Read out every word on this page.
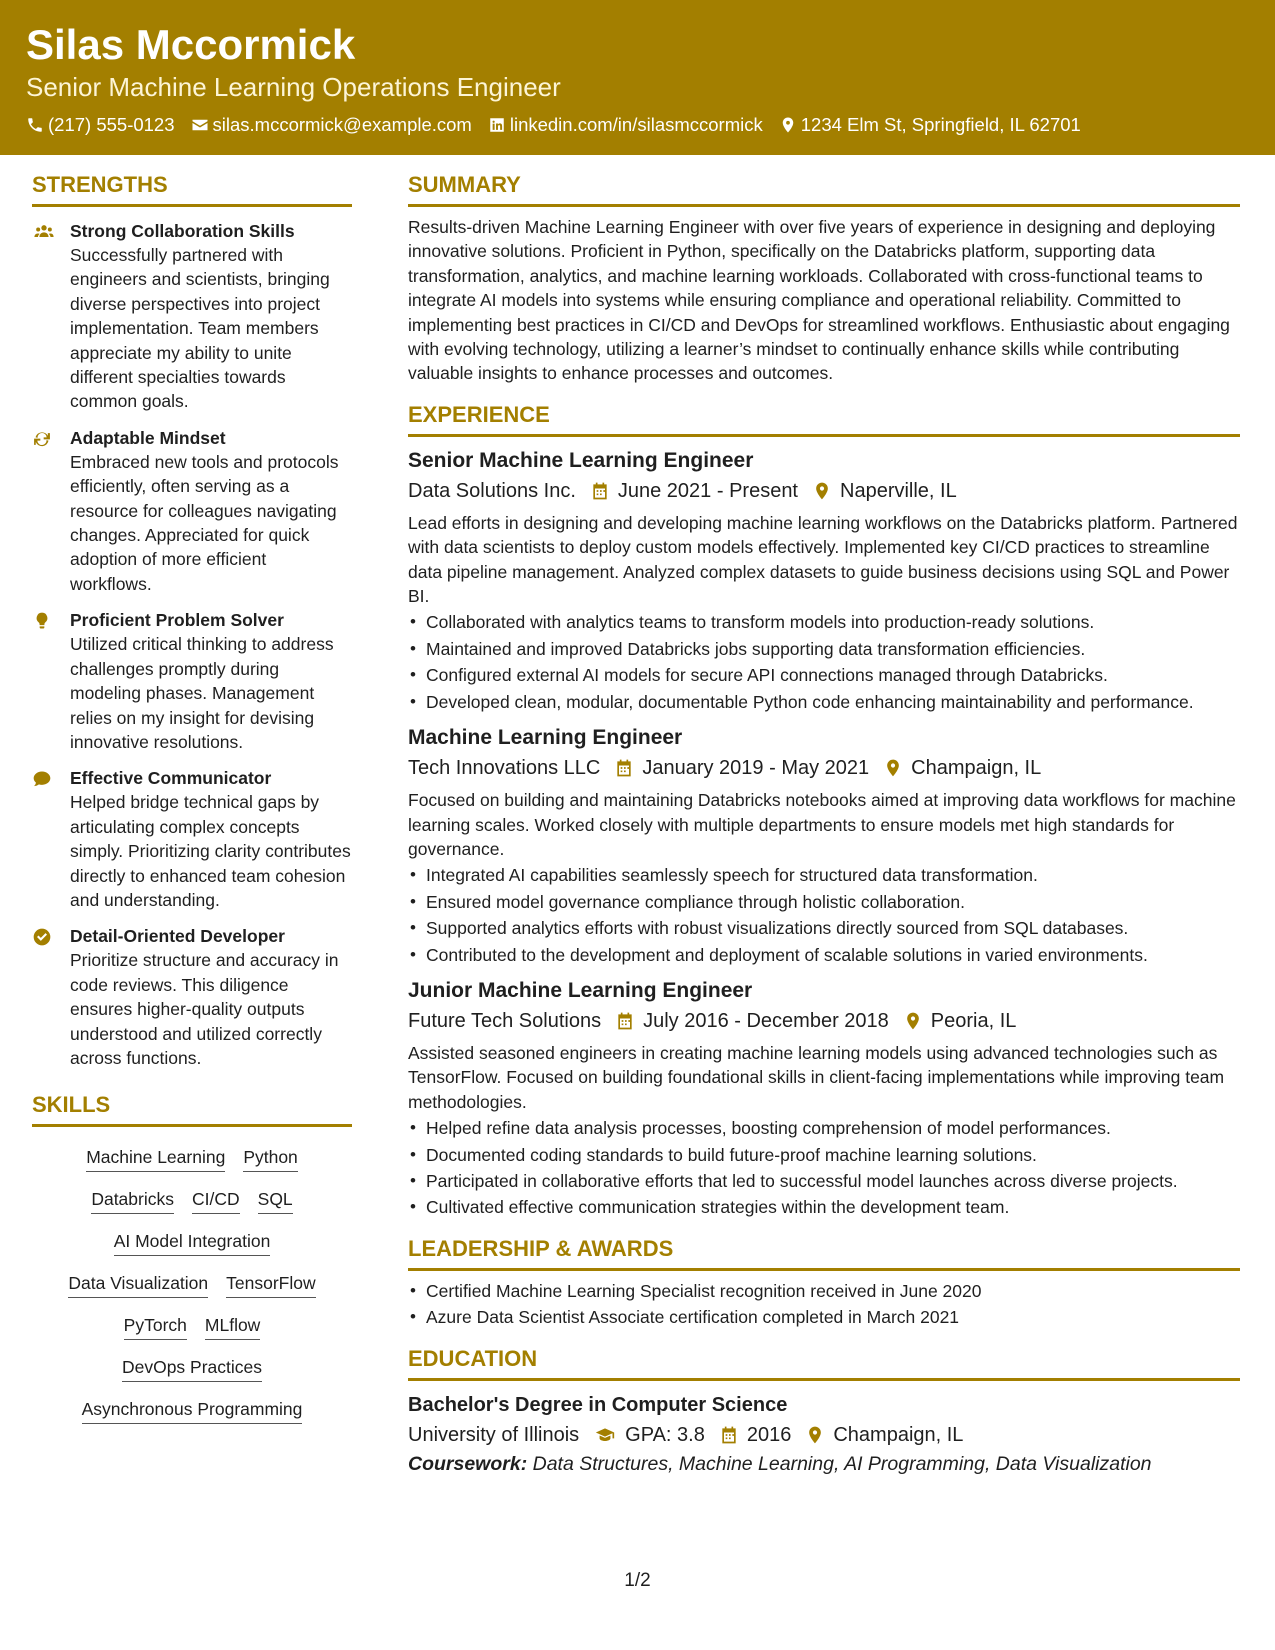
Silas Mccormick
Senior Machine Learning Operations Engineer
(217) 555-0123 silas.mccormick@example.com linkedin.com/in/silasmccormick 1234 Elm St, Springfield, IL 62701
STRENGTHS
Strong Collaboration Skills
Successfully partnered with engineers and scientists, bringing diverse perspectives into project implementation. Team members appreciate my ability to unite different specialties towards common goals.
Adaptable Mindset
Embraced new tools and protocols efficiently, often serving as a resource for colleagues navigating changes. Appreciated for quick adoption of more efficient workflows.
Proficient Problem Solver
Utilized critical thinking to address challenges promptly during modeling phases. Management relies on my insight for devising innovative resolutions.
Effective Communicator
Helped bridge technical gaps by articulating complex concepts simply. Prioritizing clarity contributes directly to enhanced team cohesion and understanding.
Detail-Oriented Developer
Prioritize structure and accuracy in code reviews. This diligence ensures higher-quality outputs understood and utilized correctly across functions.
SKILLS
Machine Learning Python
Databricks CI/CD SQL
AI Model Integration
Data Visualization TensorFlow
PyTorch MLflow
DevOps Practices
Asynchronous Programming
SUMMARY
Results-driven Machine Learning Engineer with over five years of experience in designing and deploying innovative solutions. Proficient in Python, specifically on the Databricks platform, supporting data transformation, analytics, and machine learning workloads. Collaborated with cross-functional teams to integrate AI models into systems while ensuring compliance and operational reliability. Committed to implementing best practices in CI/CD and DevOps for streamlined workflows. Enthusiastic about engaging with evolving technology, utilizing a learner’s mindset to continually enhance skills while contributing valuable insights to enhance processes and outcomes.
EXPERIENCE
Senior Machine Learning Engineer
Data Solutions Inc. June 2021 - Present Naperville, IL
Lead efforts in designing and developing machine learning workflows on the Databricks platform. Partnered with data scientists to deploy custom models effectively. Implemented key CI/CD practices to streamline data pipeline management. Analyzed complex datasets to guide business decisions using SQL and Power BI.
• Collaborated with analytics teams to transform models into production-ready solutions.
• Maintained and improved Databricks jobs supporting data transformation efficiencies.
• Configured external AI models for secure API connections managed through Databricks.
• Developed clean, modular, documentable Python code enhancing maintainability and performance.
Machine Learning Engineer
Tech Innovations LLC January 2019 - May 2021 Champaign, IL
Focused on building and maintaining Databricks notebooks aimed at improving data workflows for machine learning scales. Worked closely with multiple departments to ensure models met high standards for governance.
• Integrated AI capabilities seamlessly speech for structured data transformation.
• Ensured model governance compliance through holistic collaboration.
• Supported analytics efforts with robust visualizations directly sourced from SQL databases.
• Contributed to the development and deployment of scalable solutions in varied environments.
Junior Machine Learning Engineer
Future Tech Solutions July 2016 - December 2018 Peoria, IL
Assisted seasoned engineers in creating machine learning models using advanced technologies such as TensorFlow. Focused on building foundational skills in client-facing implementations while improving team methodologies.
• Helped refine data analysis processes, boosting comprehension of model performances.
• Documented coding standards to build future-proof machine learning solutions.
• Participated in collaborative efforts that led to successful model launches across diverse projects.
• Cultivated effective communication strategies within the development team.
LEADERSHIP & AWARDS
• Certified Machine Learning Specialist recognition received in June 2020
• Azure Data Scientist Associate certification completed in March 2021
EDUCATION
Bachelor's Degree in Computer Science
University of Illinois GPA: 3.8 2016 Champaign, IL
Coursework: Data Structures, Machine Learning, AI Programming, Data Visualization
1/2
